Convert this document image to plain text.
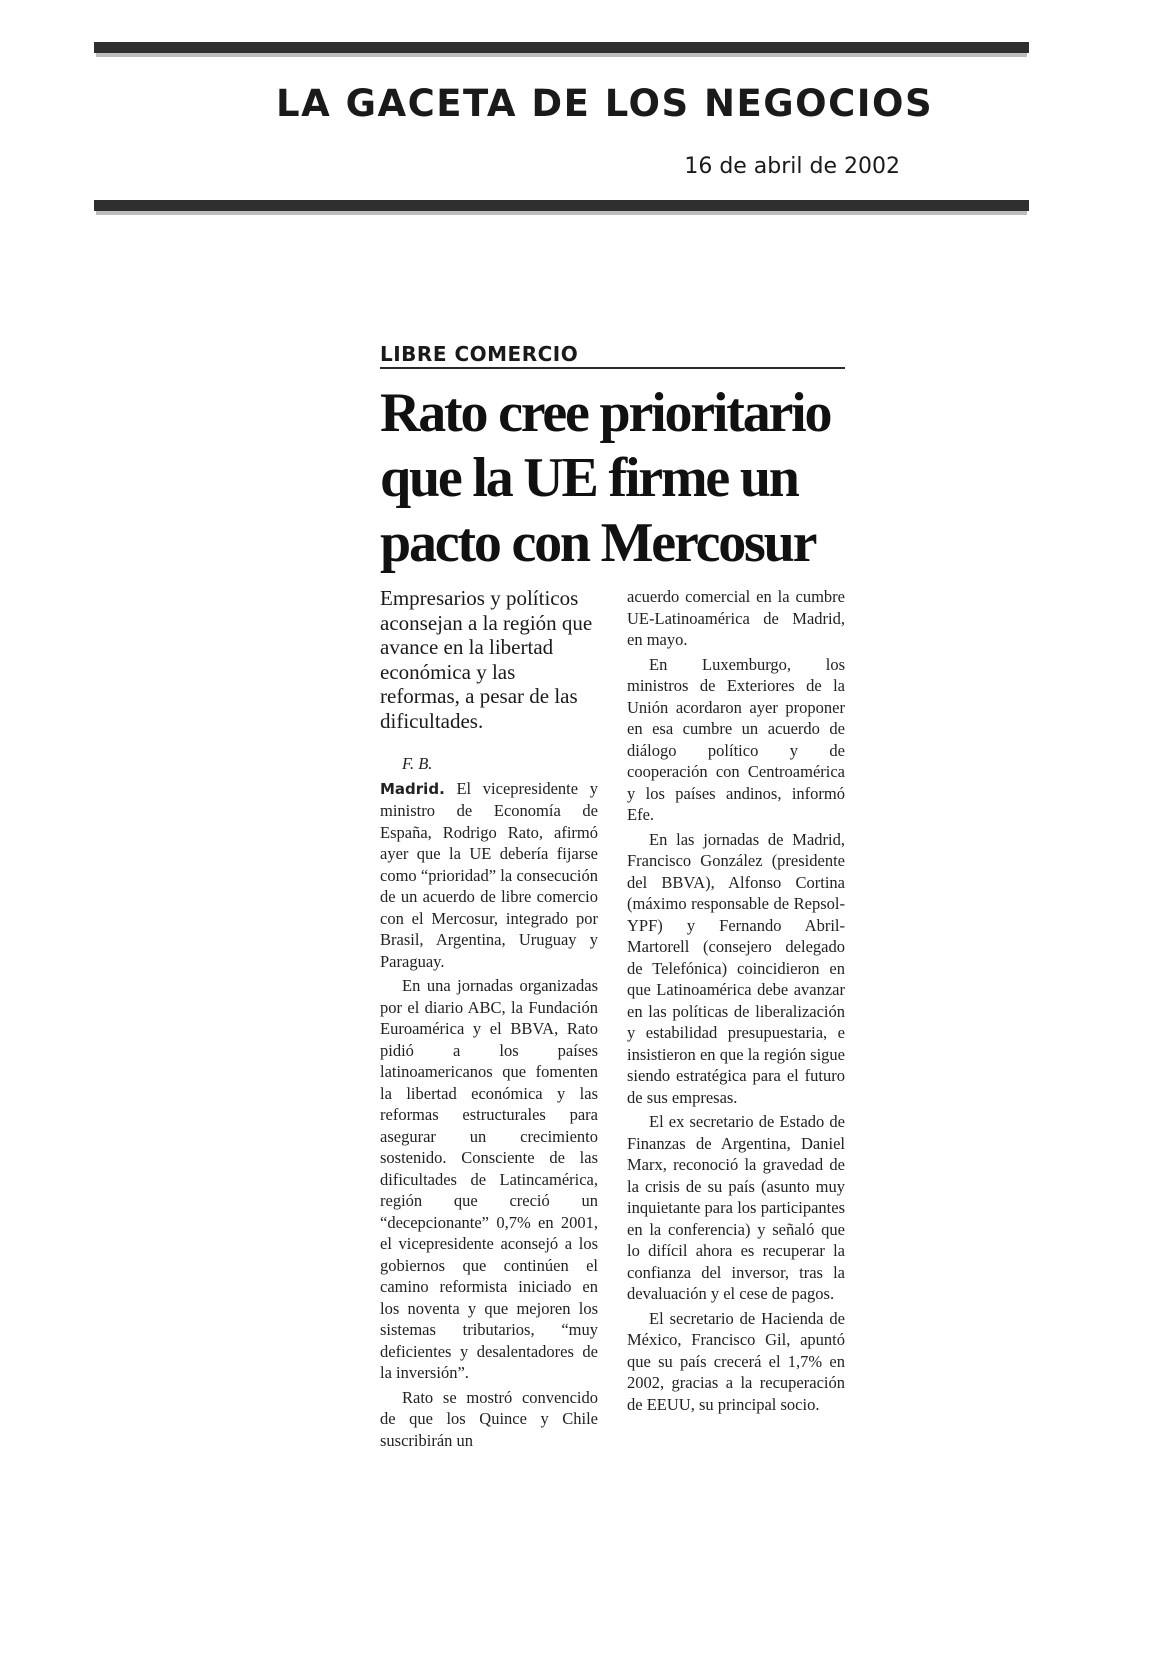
LA GACETA DE LOS NEGOCIOS
16 de abril de 2002
LIBRE COMERCIO
Rato cree prioritario que la UE firme un pacto con Mercosur
Empresarios y políticos aconsejan a la región que avance en la libertad económica y las reformas, a pesar de las dificultades.

F. B.

Madrid. El vicepresidente y ministro de Economía de España, Rodrigo Rato, afirmó ayer que la UE debería fijarse como “prioridad” la consecución de un acuerdo de libre comercio con el Mercosur, integrado por Brasil, Argentina, Uruguay y Paraguay.

En una jornadas organizadas por el diario ABC, la Fundación Euroamérica y el BBVA, Rato pidió a los países latinoamericanos que fomenten la libertad económica y las reformas estructurales para asegurar un crecimiento sostenido. Consciente de las dificultades de Latincamérica, región que creció un “decepcionante” 0,7% en 2001, el vicepresidente aconsejó a los gobiernos que continúen el camino reformista iniciado en los noventa y que mejoren los sistemas tributarios, “muy deficientes y desalentadores de la inversión”.

Rato se mostró convencido de que los Quince y Chile suscribirán un

acuerdo comercial en la cumbre UE-Latinoamérica de Madrid, en mayo.

En Luxemburgo, los ministros de Exteriores de la Unión acordaron ayer proponer en esa cumbre un acuerdo de diálogo político y de cooperación con Centroamérica y los países andinos, informó Efe.

En las jornadas de Madrid, Francisco González (presidente del BBVA), Alfonso Cortina (máximo responsable de Repsol-YPF) y Fernando Abril-Martorell (consejero delegado de Telefónica) coincidieron en que Latinoamérica debe avanzar en las políticas de liberalización y estabilidad presupuestaria, e insistieron en que la región sigue siendo estratégica para el futuro de sus empresas.

El ex secretario de Estado de Finanzas de Argentina, Daniel Marx, reconoció la gravedad de la crisis de su país (asunto muy inquietante para los participantes en la conferencia) y señaló que lo difícil ahora es recuperar la confianza del inversor, tras la devaluación y el cese de pagos.

El secretario de Hacienda de México, Francisco Gil, apuntó que su país crecerá el 1,7% en 2002, gracias a la recuperación de EEUU, su principal socio.
